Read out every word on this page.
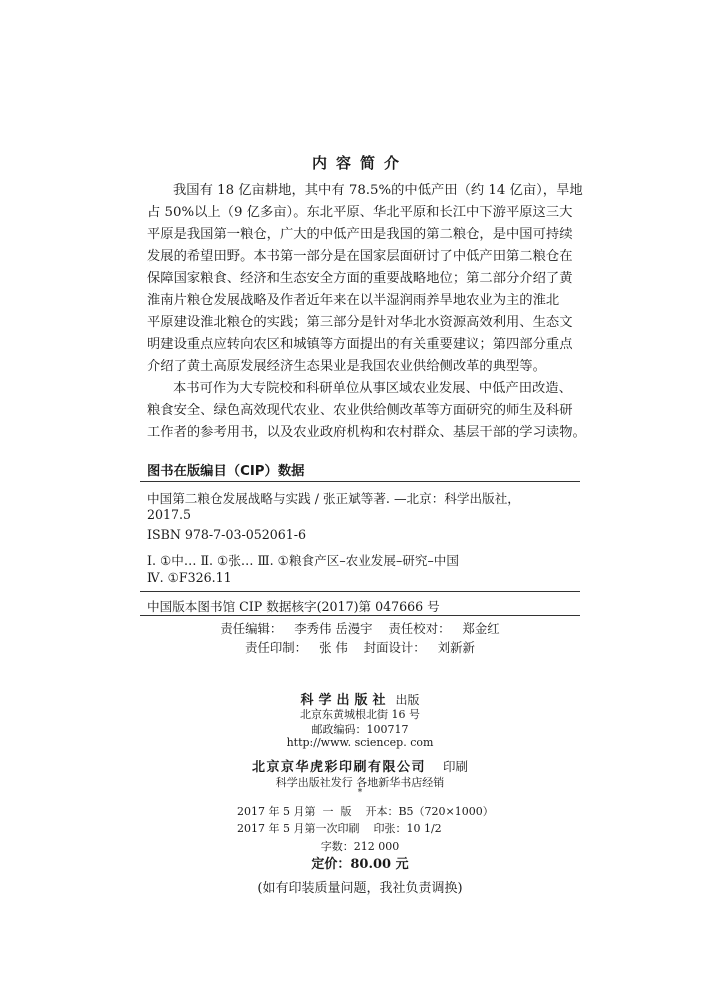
内容简介
我国有 18 亿亩耕地，其中有 78.5%的中低产田（约 14 亿亩），旱地
占 50%以上（9 亿多亩）。东北平原、华北平原和长江中下游平原这三大
平原是我国第一粮仓，广大的中低产田是我国的第二粮仓，是中国可持续
发展的希望田野。本书第一部分是在国家层面研讨了中低产田第二粮仓在
保障国家粮食、经济和生态安全方面的重要战略地位；第二部分介绍了黄
淮南片粮仓发展战略及作者近年来在以半湿润雨养旱地农业为主的淮北
平原建设淮北粮仓的实践；第三部分是针对华北水资源高效利用、生态文
明建设重点应转向农区和城镇等方面提出的有关重要建议；第四部分重点
介绍了黄土高原发展经济生态果业是我国农业供给侧改革的典型等。
本书可作为大专院校和科研单位从事区域农业发展、中低产田改造、
粮食安全、绿色高效现代农业、农业供给侧改革等方面研究的师生及科研
工作者的参考用书，以及农业政府机构和农村群众、基层干部的学习读物。
图书在版编目（CIP）数据
中国第二粮仓发展战略与实践 / 张正斌等著. —北京：科学出版社，
2017.5
ISBN 978-7-03-052061-6
Ⅰ. ①中… Ⅱ. ①张… Ⅲ. ①粮食产区–农业发展–研究–中国
Ⅳ. ①F326.11
中国版本图书馆 CIP 数据核字(2017)第 047666 号
责任编辑： 李秀伟 岳漫宇 责任校对： 郑金红
责任印制： 张 伟 封面设计： 刘新新
科学出版社 出版
北京东黄城根北街 16 号
邮政编码：100717
http://www. sciencep. com
北京京华虎彩印刷有限公司 印刷
科学出版社发行 各地新华书店经销
*
2017 年 5 月第  一  版    开本：B5（720×1000）
2017 年 5 月第一次印刷    印张：10 1/2
字数：212 000
定价：80.00 元
(如有印装质量问题，我社负责调换)
